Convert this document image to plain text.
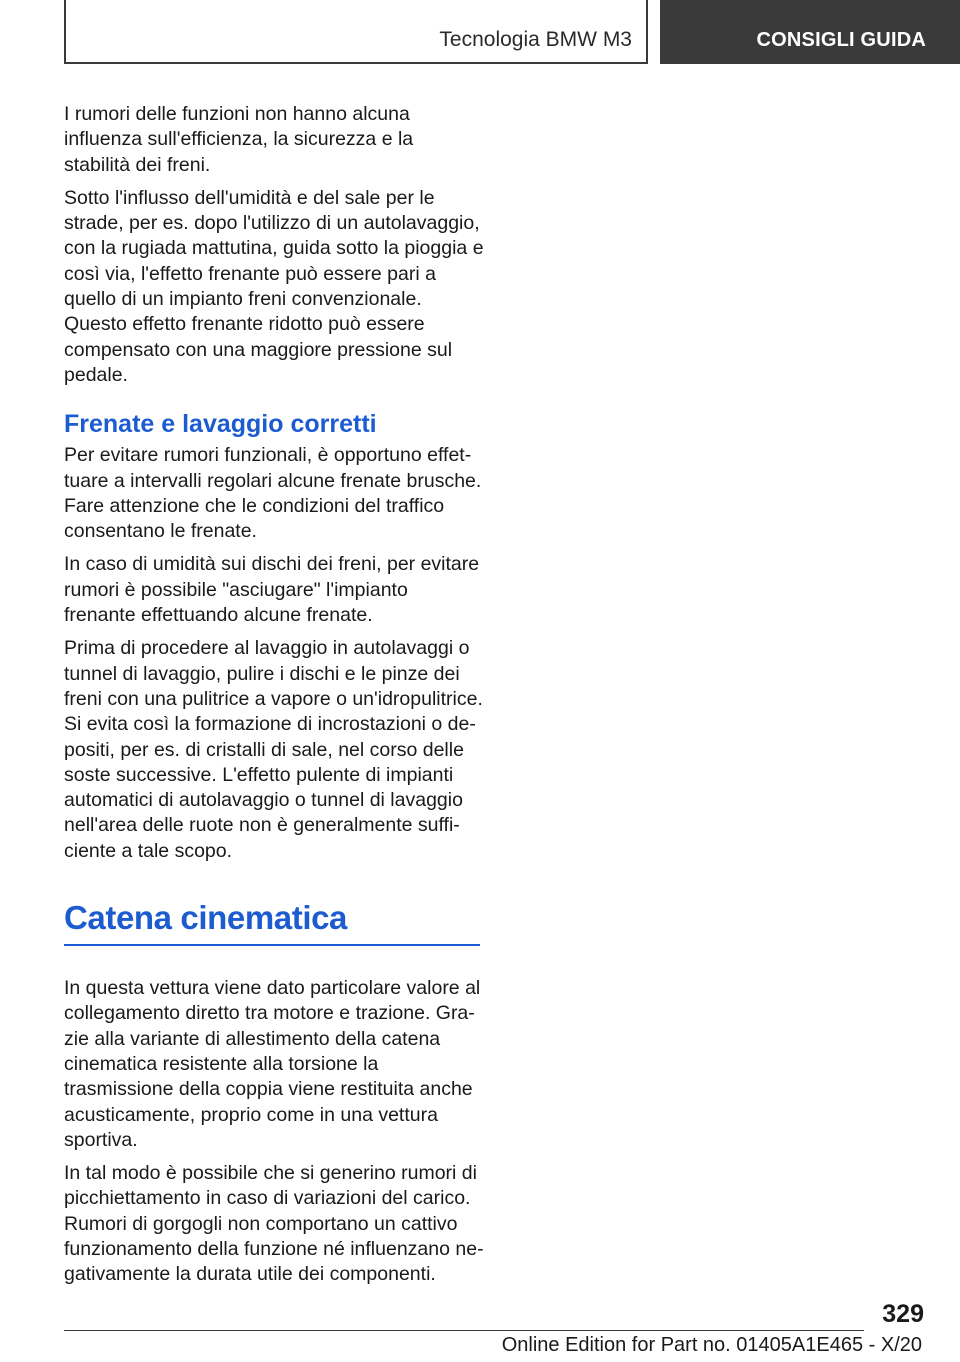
Tecnologia BMW M3	CONSIGLI GUIDA

I rumori delle funzioni non hanno alcuna influenza sull'efficienza, la sicurezza e la stabilità dei freni.

Sotto l'influsso dell'umidità e del sale per le strade, per es. dopo l'utilizzo di un autolavaggio, con la rugiada mattutina, guida sotto la pioggia e così via, l'effetto frenante può essere pari a quello di un impianto freni convenzionale. Questo effetto frenante ridotto può essere compensato con una maggiore pressione sul pedale.

Frenate e lavaggio corretti

Per evitare rumori funzionali, è opportuno effettuare a intervalli regolari alcune frenate brusche. Fare attenzione che le condizioni del traffico consentano le frenate.

In caso di umidità sui dischi dei freni, per evitare rumori è possibile "asciugare" l'impianto frenante effettuando alcune frenate.

Prima di procedere al lavaggio in autolavaggi o tunnel di lavaggio, pulire i dischi e le pinze dei freni con una pulitrice a vapore o un'idropulitrice. Si evita così la formazione di incrostazioni o depositi, per es. di cristalli di sale, nel corso delle soste successive. L'effetto pulente di impianti automatici di autolavaggio o tunnel di lavaggio nell'area delle ruote non è generalmente sufficiente a tale scopo.

Catena cinematica

In questa vettura viene dato particolare valore al collegamento diretto tra motore e trazione. Grazie alla variante di allestimento della catena cinematica resistente alla torsione la trasmissione della coppia viene restituita anche acusticamente, proprio come in una vettura sportiva.

In tal modo è possibile che si generino rumori di picchiettamento in caso di variazioni del carico. Rumori di gorgogli non comportano un cattivo funzionamento della funzione né influenzano negativamente la durata utile dei componenti.

329
Online Edition for Part no. 01405A1E465 - X/20
